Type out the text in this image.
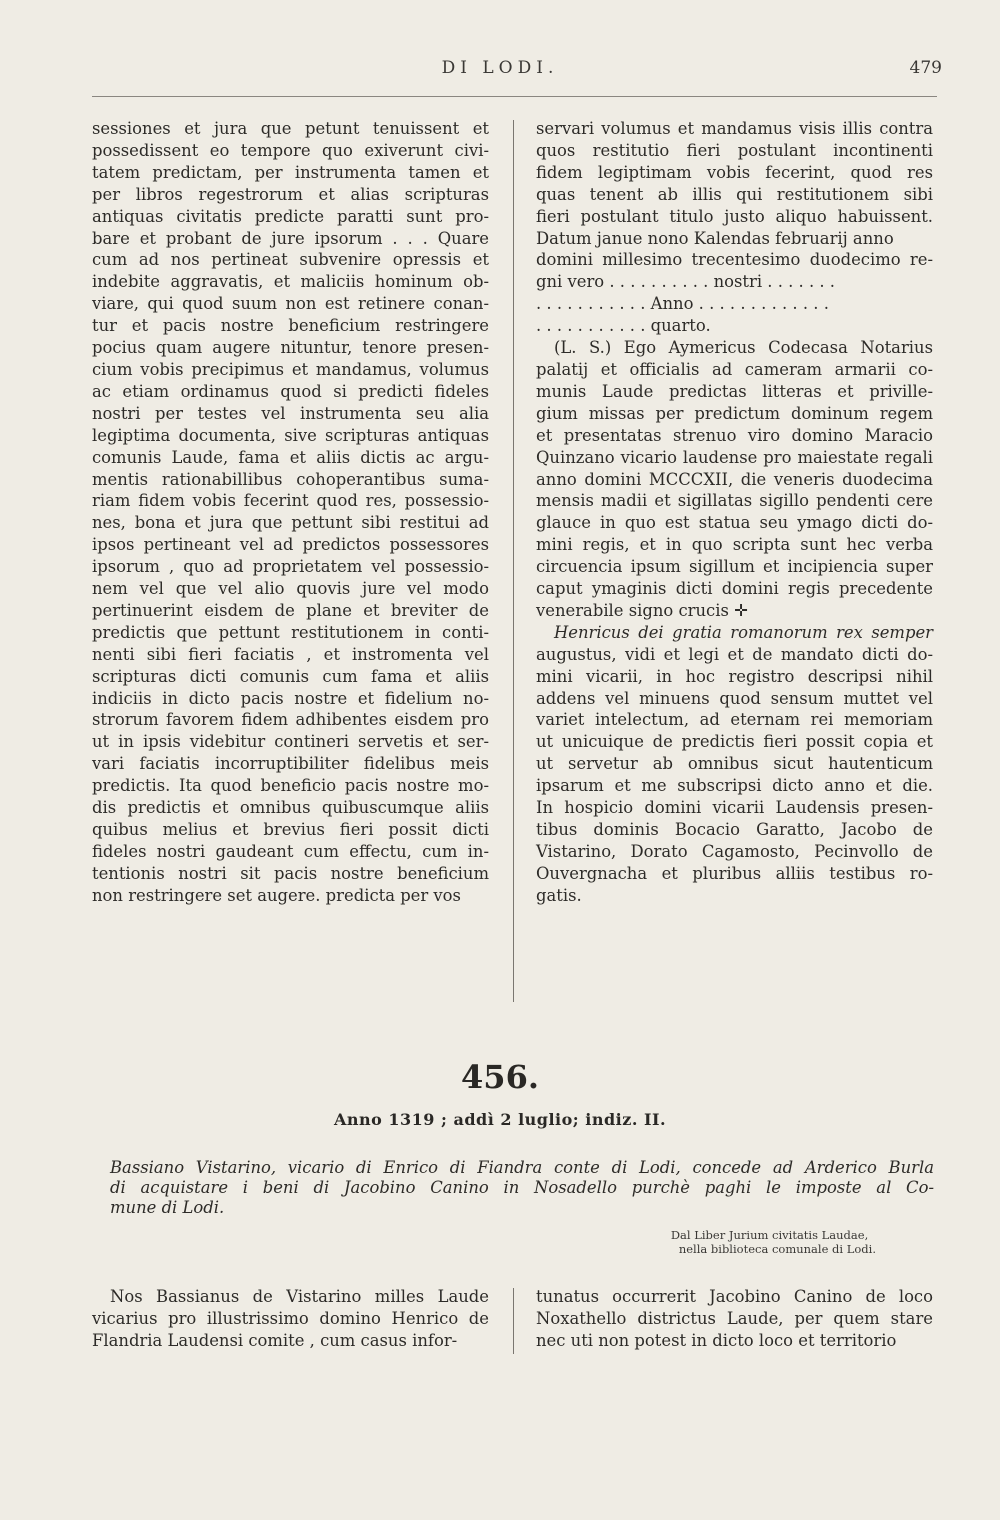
DI LODI.	479
sessiones et jura que petunt tenuissent et
possedissent eo tempore quo exiverunt civi-
tatem predictam, per instrumenta tamen et
per libros regestrorum et alias scripturas
antiquas civitatis predicte paratti sunt pro-
bare et probant de jure ipsorum . . . Quare
cum ad nos pertineat subvenire opressis et
indebite aggravatis, et maliciis hominum ob-
viare, qui quod suum non est retinere conan-
tur et pacis nostre beneficium restringere
pocius quam augere nituntur, tenore presen-
cium vobis precipimus et mandamus, volumus
ac etiam ordinamus quod si predicti fideles
nostri per testes vel instrumenta seu alia
legiptima documenta, sive scripturas antiquas
comunis Laude, fama et aliis dictis ac argu-
mentis rationabillibus cohoperantibus suma-
riam fidem vobis fecerint quod res, possessio-
nes, bona et jura que pettunt sibi restitui ad
ipsos pertineant vel ad predictos possessores
ipsorum , quo ad proprietatem vel possessio-
nem vel que vel alio quovis jure vel modo
pertinuerint eisdem de plane et breviter de
predictis que pettunt restitutionem in conti-
nenti sibi fieri faciatis , et instromenta vel
scripturas dicti comunis cum fama et aliis
indiciis in dicto pacis nostre et fidelium no-
strorum favorem fidem adhibentes eisdem pro
ut in ipsis videbitur contineri servetis et ser-
vari faciatis incorruptibiliter fidelibus meis
predictis. Ita quod beneficio pacis nostre mo-
dis predictis et omnibus quibuscumque aliis
quibus melius et brevius fieri possit dicti
fideles nostri gaudeant cum effectu, cum in-
tentionis nostri sit pacis nostre beneficium
non restringere set augere. predicta per vos
servari volumus et mandamus visis illis contra
quos restitutio fieri postulant incontinenti
fidem legiptimam vobis fecerint, quod res
quas tenent ab illis qui restitutionem sibi
fieri postulant titulo justo aliquo habuissent.
Datum janue nono Kalendas februarij anno
domini millesimo trecentesimo duodecimo re-
gni vero . . . . . . . . . . nostri . . . . . . .
. . . . . . . . . . . Anno . . . . . . . . . . . . .
. . . . . . . . . . . quarto.
(L. S.) Ego Aymericus Codecasa Notarius
palatij et officialis ad cameram armarii co-
munis Laude predictas litteras et priville-
gium missas per predictum dominum regem
et presentatas strenuo viro domino Maracio
Quinzano vicario laudense pro maiestate regali
anno domini MCCCXII, die veneris duodecima
mensis madii et sigillatas sigillo pendenti cere
glauce in quo est statua seu ymago dicti do-
mini regis, et in quo scripta sunt hec verba
circuencia ipsum sigillum et incipiencia super
caput ymaginis dicti domini regis precedente
venerabile signo crucis ✛
Henricus dei gratia romanorum rex semper
augustus, vidi et legi et de mandato dicti do-
mini vicarii, in hoc registro descripsi nihil
addens vel minuens quod sensum muttet vel
variet intelectum, ad eternam rei memoriam
ut unicuique de predictis fieri possit copia et
ut servetur ab omnibus sicut hautenticum
ipsarum et me subscripsi dicto anno et die.
In hospicio domini vicarii Laudensis presen-
tibus dominis Bocacio Garatto, Jacobo de
Vistarino, Dorato Cagamosto, Pecinvollo de
Ouvergnacha et pluribus alliis testibus ro-
gatis.
456.
Anno 1319 ; addì 2 luglio; indiz. II.
Bassiano Vistarino, vicario di Enrico di Fiandra conte di Lodi, concede ad Arderico Burla
di acquistare i beni di Jacobino Canino in Nosadello purchè paghi le imposte al Co-
mune di Lodi.
Dal Liber Jurium civitatis Laudae,
nella biblioteca comunale di Lodi.
Nos Bassianus de Vistarino milles Laude
vicarius pro illustrissimo domino Henrico de
Flandria Laudensi comite , cum casus infor-
tunatus occurrerit Jacobino Canino de loco
Noxathello districtus Laude, per quem stare
nec uti non potest in dicto loco et territorio
